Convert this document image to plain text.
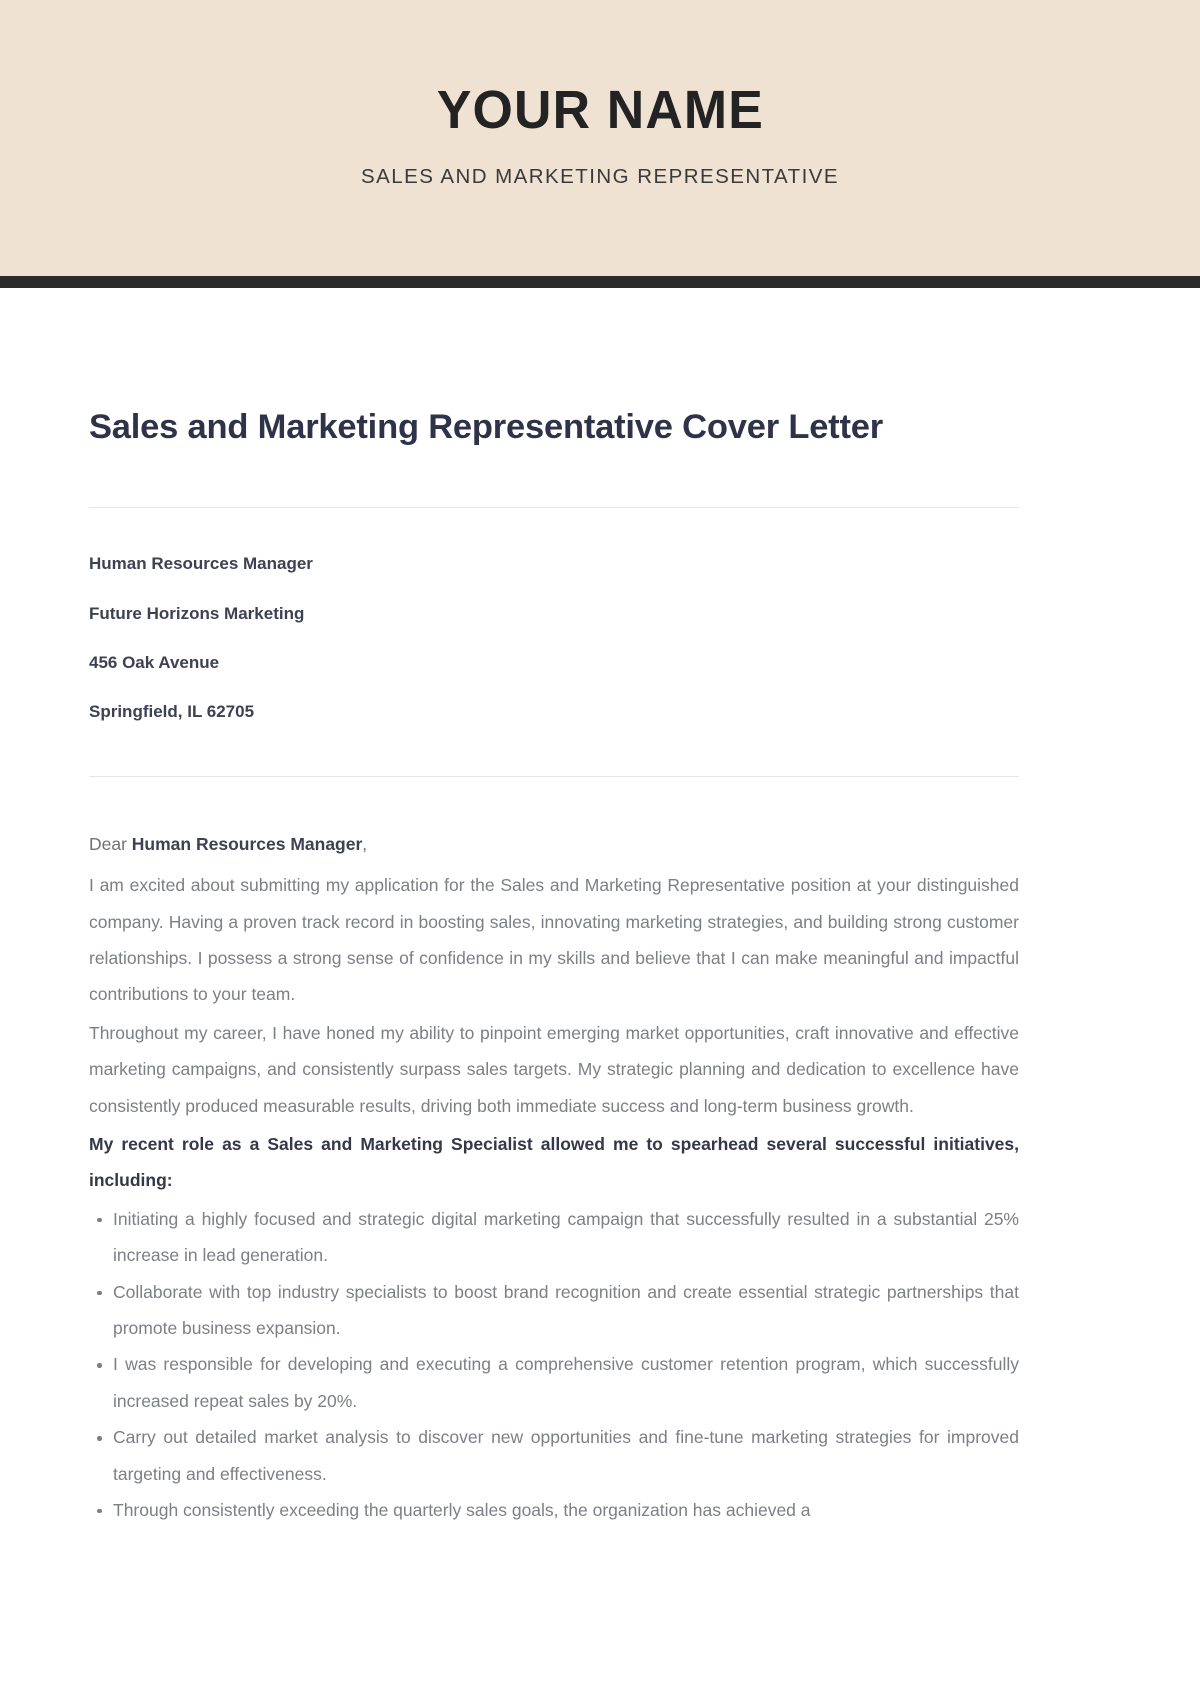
YOUR NAME
SALES AND MARKETING REPRESENTATIVE
Sales and Marketing Representative Cover Letter
Human Resources Manager
Future Horizons Marketing
456 Oak Avenue
Springfield, IL 62705

Dear Human Resources Manager,

I am excited about submitting my application for the Sales and Marketing Representative position at your distinguished company. Having a proven track record in boosting sales, innovating marketing strategies, and building strong customer relationships. I possess a strong sense of confidence in my skills and believe that I can make meaningful and impactful contributions to your team.

Throughout my career, I have honed my ability to pinpoint emerging market opportunities, craft innovative and effective marketing campaigns, and consistently surpass sales targets. My strategic planning and dedication to excellence have consistently produced measurable results, driving both immediate success and long-term business growth.

My recent role as a Sales and Marketing Specialist allowed me to spearhead several successful initiatives, including:

Initiating a highly focused and strategic digital marketing campaign that successfully resulted in a substantial 25% increase in lead generation.
Collaborate with top industry specialists to boost brand recognition and create essential strategic partnerships that promote business expansion.
I was responsible for developing and executing a comprehensive customer retention program, which successfully increased repeat sales by 20%.
Carry out detailed market analysis to discover new opportunities and fine-tune marketing strategies for improved targeting and effectiveness.
Through consistently exceeding the quarterly sales goals, the organization has achieved a
